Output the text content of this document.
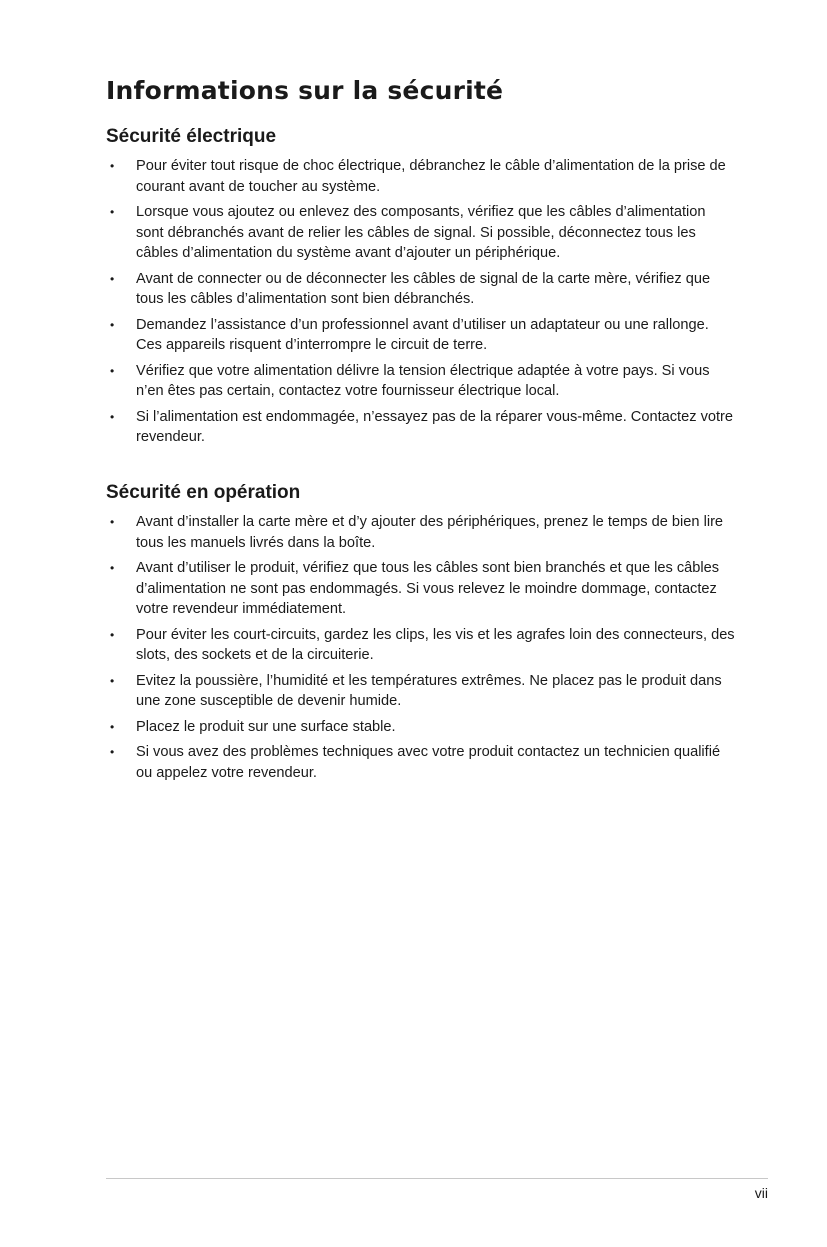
Informations sur la sécurité
Sécurité électrique
• Pour éviter tout risque de choc électrique, débranchez le câble d’alimentation de la prise de courant avant de toucher au système.
• Lorsque vous ajoutez ou enlevez des composants, vérifiez que les câbles d’alimentation sont débranchés avant de relier les câbles de signal. Si possible, déconnectez tous les câbles d’alimentation du système avant d’ajouter un périphérique.
• Avant de connecter ou de déconnecter les câbles de signal de la carte mère, vérifiez que tous les câbles d’alimentation sont bien débranchés.
• Demandez l’assistance d’un professionnel avant d’utiliser un adaptateur ou une rallonge. Ces appareils risquent d’interrompre le circuit de terre.
• Vérifiez que votre alimentation délivre la tension électrique adaptée à votre pays. Si vous n’en êtes pas certain, contactez votre fournisseur électrique local.
• Si l’alimentation est endommagée, n’essayez pas de la réparer vous-même. Contactez votre revendeur.
Sécurité en opération
• Avant d’installer la carte mère et d’y ajouter des périphériques, prenez le temps de bien lire tous les manuels livrés dans la boîte.
• Avant d’utiliser le produit, vérifiez que tous les câbles sont bien branchés et que les câbles d’alimentation ne sont pas endommagés. Si vous relevez le moindre dommage, contactez votre revendeur immédiatement.
• Pour éviter les court-circuits, gardez les clips, les vis et les agrafes loin des connecteurs, des slots, des sockets et de la circuiterie.
• Evitez la poussière, l’humidité et les températures extrêmes. Ne placez pas le produit dans une zone susceptible de devenir humide.
• Placez le produit sur une surface stable.
• Si vous avez des problèmes techniques avec votre produit contactez un technicien qualifié ou appelez votre revendeur.
vii
